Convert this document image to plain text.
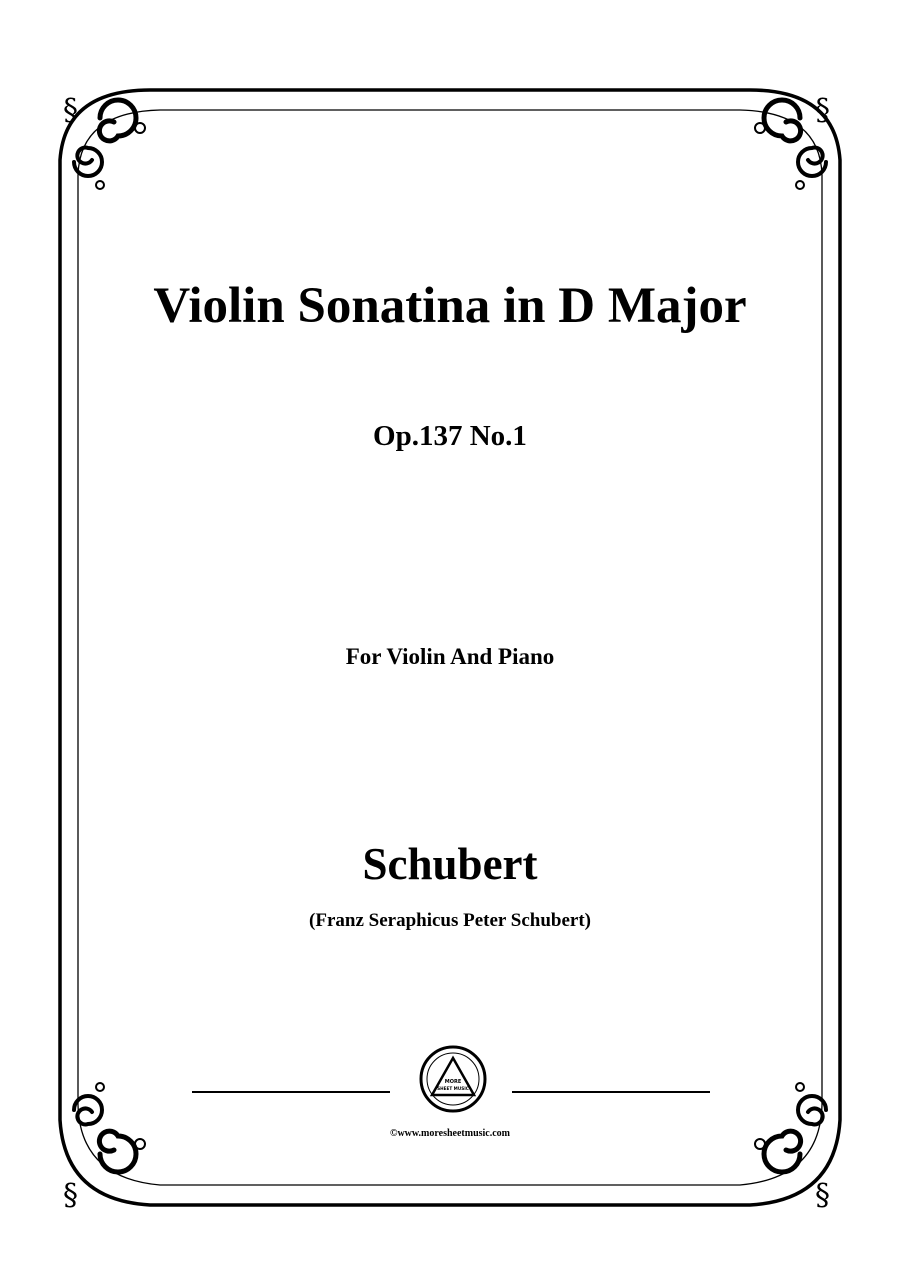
§	§
§	§
Violin Sonatina in D Major
Op.137 No.1
For Violin And Piano
Schubert
(Franz Seraphicus Peter Schubert)
MORE
SHEET MUSIC
©www.moresheetmusic.com
